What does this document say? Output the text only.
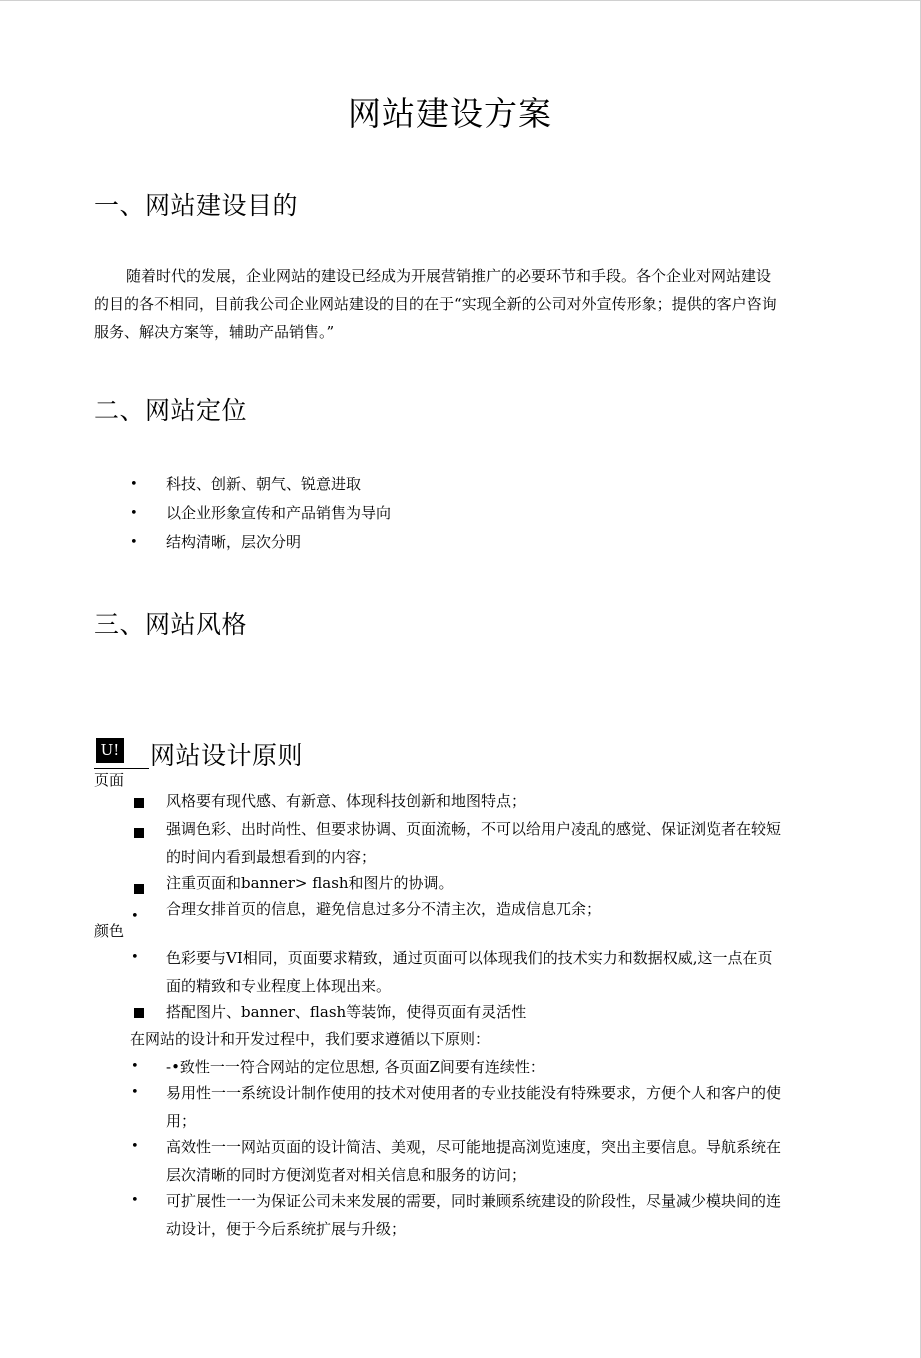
网站建设方案
一、网站建设目的

随着时代的发展，企业网站的建设已经成为开展营销推广的必要环节和手段。各个企业对网站建设的目的各不相同，目前我公司企业网站建设的目的在于“实现全新的公司对外宣传形象；提供的客户咨询服务、解决方案等，辅助产品销售。”

二、网站定位
• 科技、创新、朝气、锐意进取
• 以企业形象宣传和产品销售为导向
• 结构清晰，层次分明
三、网站风格
U! 网站设计原则
页面
风格要有现代感、有新意、体现科技创新和地图特点；
强调色彩、出时尚性、但要求协调、页面流畅，不可以给用户凌乱的感觉、保证浏览者在较短的时间内看到最想看到的内容；
注重页面和banner> flash和图片的协调。
• 合理女排首页的信息，避免信息过多分不清主次，造成信息兀余；
颜色
• 色彩要与VI相同，页面要求精致，通过页面可以体现我们的技术实力和数据权威,这一点在页面的精致和专业程度上体现出来。
搭配图片、banner、flash等装饰，使得页面有灵活性
在网站的设计和开发过程中，我们要求遵循以下原则：
• -•致性一一符合网站的定位思想, 各页面Z间要有连续性：
• 易用性一一系统设计制作使用的技术对使用者的专业技能没有特殊要求，方便个人和客户的使用；
• 高效性一一网站页面的设计简洁、美观，尽可能地提高浏览速度，突出主要信息。导航系统在层次清晰的同时方便浏览者对相关信息和服务的访问；
• 可扩展性一一为保证公司未来发展的需要，同时兼顾系统建设的阶段性，尽量减少模块间的连动设计，便于今后系统扩展与升级；
